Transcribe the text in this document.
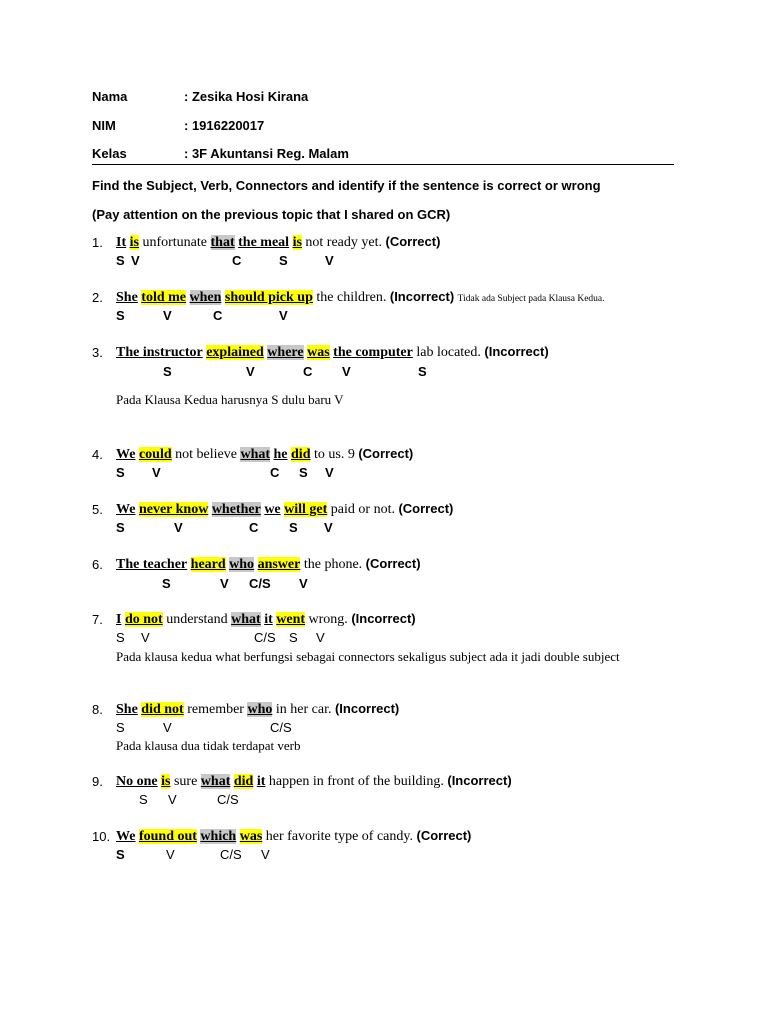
Nama	: Zesika Hosi Kirana
NIM	: 1916220017
Kelas	: 3F Akuntansi Reg. Malam
Find the Subject, Verb, Connectors and identify if the sentence is correct or wrong
(Pay attention on the previous topic that I shared on GCR)
1. It is unfortunate that the meal is not ready yet. (Correct)
S V	C	S	V
2. She told me when should pick up the children. (Incorrect) Tidak ada Subject pada Klausa Kedua.
S	V	C	V
3. The instructor explained where was the computer lab located. (Incorrect)
S	V	C V	S
Pada Klausa Kedua harusnya S dulu baru V
4. We could not believe what he did to us. 9 (Correct)
S V	C S V
5. We never know whether we will get paid or not. (Correct)
S	V	C S V
6. The teacher heard who answer the phone. (Correct)
S	V C/S V
7. I do not understand what it went wrong. (Incorrect)
S V	C/S S V
Pada klausa kedua what berfungsi sebagai connectors sekaligus subject ada it jadi double subject
8. She did not remember who in her car. (Incorrect)
S	V	C/S
Pada klausa dua tidak terdapat verb
9. No one is sure what did it happen in front of the building. (Incorrect)
S V	C/S
10. We found out which was her favorite type of candy. (Correct)
S	V	C/S V
